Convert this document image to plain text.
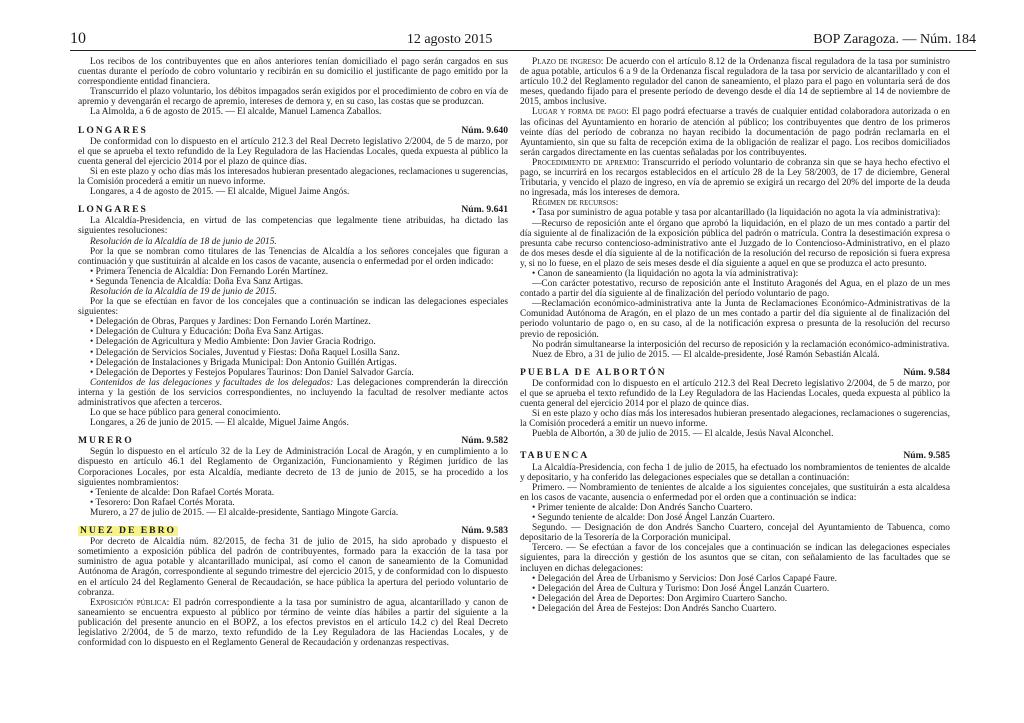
10	12 agosto 2015	BOP Zaragoza. — Núm. 184

Los recibos de los contribuyentes que en años anteriores tenían domiciliado el pago serán cargados en sus cuentas durante el período de cobro voluntario y recibirán en su domicilio el justificante de pago emitido por la correspondiente entidad financiera.

Transcurrido el plazo voluntario, los débitos impagados serán exigidos por el procedimiento de cobro en vía de apremio y devengarán el recargo de apremio, intereses de demora y, en su caso, las costas que se produzcan.

La Almolda, a 6 de agosto de 2015. — El alcalde, Manuel Lamenca Zaballos.

LONGARES	Núm. 9.640

De conformidad con lo dispuesto en el artículo 212.3 del Real Decreto legislativo 2/2004, de 5 de marzo, por el que se aprueba el texto refundido de la Ley Reguladora de las Haciendas Locales, queda expuesta al público la cuenta general del ejercicio 2014 por el plazo de quince días.

Si en este plazo y ocho días más los interesados hubieran presentado alegaciones, reclamaciones u sugerencias, la Comisión procederá a emitir un nuevo informe.

Longares, a 4 de agosto de 2015. — El alcalde, Miguel Jaime Angós.

LONGARES	Núm. 9.641

La Alcaldía-Presidencia, en virtud de las competencias que legalmente tiene atribuidas, ha dictado las siguientes resoluciones:

Resolución de la Alcaldía de 18 de junio de 2015.

Por la que se nombran como titulares de las Tenencias de Alcaldía a los señores concejales que figuran a continuación y que sustituirán al alcalde en los casos de vacante, ausencia o enfermedad por el orden indicado:

• Primera Tenencia de Alcaldía: Don Fernando Lorén Martínez.

• Segunda Tenencia de Alcaldía: Doña Eva Sanz Artigas.

Resolución de la Alcaldía de 19 de junio de 2015.

Por la que se efectúan en favor de los concejales que a continuación se indican las delegaciones especiales siguientes:

• Delegación de Obras, Parques y Jardines: Don Fernando Lorén Martínez.

• Delegación de Cultura y Educación: Doña Eva Sanz Artigas.

• Delegación de Agricultura y Medio Ambiente: Don Javier Gracia Rodrigo.

• Delegación de Servicios Sociales, Juventud y Fiestas: Doña Raquel Losilla Sanz.

• Delegación de Instalaciones y Brigada Municipal: Don Antonio Guillén Artigas.

• Delegación de Deportes y Festejos Populares Taurinos: Don Daniel Salvador García.

Contenidos de las delegaciones y facultades de los delegados: Las delegaciones comprenderán la dirección interna y la gestión de los servicios correspondientes, no incluyendo la facultad de resolver mediante actos administrativos que afecten a terceros.

Lo que se hace público para general conocimiento.

Longares, a 26 de junio de 2015. — El alcalde, Miguel Jaime Angós.

MURERO	Núm. 9.582

Según lo dispuesto en el artículo 32 de la Ley de Administración Local de Aragón, y en cumplimiento a lo dispuesto en artículo 46.1 del Reglamento de Organización, Funcionamiento y Régimen jurídico de las Corporaciones Locales, por esta Alcaldía, mediante decreto de 13 de junio de 2015, se ha procedido a los siguientes nombramientos:

• Teniente de alcalde: Don Rafael Cortés Morata.

• Tesorero: Don Rafael Cortés Morata.

Murero, a 27 de julio de 2015. — El alcalde-presidente, Santiago Mingote García.

NUEZ DE EBRO	Núm. 9.583

Por decreto de Alcaldía núm. 82/2015, de fecha 31 de julio de 2015, ha sido aprobado y dispuesto el sometimiento a exposición pública del padrón de contribuyentes, formado para la exacción de la tasa por suministro de agua potable y alcantarillado municipal, así como el canon de saneamiento de la Comunidad Autónoma de Aragón, correspondiente al segundo trimestre del ejercicio 2015, y de conformidad con lo dispuesto en el artículo 24 del Reglamento General de Recaudación, se hace pública la apertura del periodo voluntario de cobranza.

Exposición pública: El padrón correspondiente a la tasa por suministro de agua, alcantarillado y canon de saneamiento se encuentra expuesto al público por término de veinte días hábiles a partir del siguiente a la publicación del presente anuncio en el BOPZ, a los efectos previstos en el artículo 14.2 c) del Real Decreto legislativo 2/2004, de 5 de marzo, texto refundido de la Ley Reguladora de las Haciendas Locales, y de conformidad con lo dispuesto en el Reglamento General de Recaudación y ordenanzas respectivas.

Plazo de ingreso: De acuerdo con el artículo 8.12 de la Ordenanza fiscal reguladora de la tasa por suministro de agua potable, artículos 6 a 9 de la Ordenanza fiscal reguladora de la tasa por servicio de alcantarillado y con el artículo 10.2 del Reglamento regulador del canon de saneamiento, el plazo para el pago en voluntaria será de dos meses, quedando fijado para el presente período de devengo desde el día 14 de septiembre al 14 de noviembre de 2015, ambos inclusive.

Lugar y forma de pago: El pago podrá efectuarse a través de cualquier entidad colaboradora autorizada o en las oficinas del Ayuntamiento en horario de atención al público; los contribuyentes que dentro de los primeros veinte días del período de cobranza no hayan recibido la documentación de pago podrán reclamarla en el Ayuntamiento, sin que su falta de recepción exima de la obligación de realizar el pago. Los recibos domiciliados serán cargados directamente en las cuentas señaladas por los contribuyentes.

Procedimiento de apremio: Transcurrido el período voluntario de cobranza sin que se haya hecho efectivo el pago, se incurrirá en los recargos establecidos en el artículo 28 de la Ley 58/2003, de 17 de diciembre, General Tributaria, y vencido el plazo de ingreso, en vía de apremio se exigirá un recargo del 20% del importe de la deuda no ingresada, más los intereses de demora.

Régimen de recursos:

• Tasa por suministro de agua potable y tasa por alcantarillado (la liquidación no agota la vía administrativa):

—Recurso de reposición ante el órgano que aprobó la liquidación, en el plazo de un mes contado a partir del día siguiente al de finalización de la exposición pública del padrón o matrícula. Contra la desestimación expresa o presunta cabe recurso contencioso-administrativo ante el Juzgado de lo Contencioso-Administrativo, en el plazo de dos meses desde el día siguiente al de la notificación de la resolución del recurso de reposición si fuera expresa y, si no lo fuese, en el plazo de seis meses desde el día siguiente a aquel en que se produzca el acto presunto.

• Canon de saneamiento (la liquidación no agota la vía administrativa):

—Con carácter potestativo, recurso de reposición ante el Instituto Aragonés del Agua, en el plazo de un mes contado a partir del día siguiente al de finalización del período voluntario de pago.

—Reclamación económico-administrativa ante la Junta de Reclamaciones Económico-Administrativas de la Comunidad Autónoma de Aragón, en el plazo de un mes contado a partir del día siguiente al de finalización del periodo voluntario de pago o, en su caso, al de la notificación expresa o presunta de la resolución del recurso previo de reposición.

No podrán simultanearse la interposición del recurso de reposición y la reclamación económico-administrativa.

Nuez de Ebro, a 31 de julio de 2015. — El alcalde-presidente, José Ramón Sebastián Alcalá.

PUEBLA DE ALBORTÓN	Núm. 9.584

De conformidad con lo dispuesto en el artículo 212.3 del Real Decreto legislativo 2/2004, de 5 de marzo, por el que se aprueba el texto refundido de la Ley Reguladora de las Haciendas Locales, queda expuesta al público la cuenta general del ejercicio 2014 por el plazo de quince días.

Si en este plazo y ocho días más los interesados hubieran presentado alegaciones, reclamaciones o sugerencias, la Comisión procederá a emitir un nuevo informe.

Puebla de Albortón, a 30 de julio de 2015. — El alcalde, Jesús Naval Alconchel.

TABUENCA	Núm. 9.585

La Alcaldía-Presidencia, con fecha 1 de julio de 2015, ha efectuado los nombramientos de tenientes de alcalde y depositario, y ha conferido las delegaciones especiales que se detallan a continuación:

Primero. — Nombramiento de tenientes de alcalde a los siguientes concejales, que sustituirán a esta alcaldesa en los casos de vacante, ausencia o enfermedad por el orden que a continuación se indica:

• Primer teniente de alcalde: Don Andrés Sancho Cuartero.

• Segundo teniente de alcalde: Don José Ángel Lanzán Cuartero.

Segundo. — Designación de don Andrés Sancho Cuartero, concejal del Ayuntamiento de Tabuenca, como depositario de la Tesorería de la Corporación municipal.

Tercero. — Se efectúan a favor de los concejales que a continuación se indican las delegaciones especiales siguientes, para la dirección y gestión de los asuntos que se citan, con señalamiento de las facultades que se incluyen en dichas delegaciones:

• Delegación del Área de Urbanismo y Servicios: Don José Carlos Capapé Faure.

• Delegación del Área de Cultura y Turismo: Don José Ángel Lanzán Cuartero.

• Delegación del Área de Deportes: Don Argimiro Cuartero Sancho.

• Delegación del Área de Festejos: Don Andrés Sancho Cuartero.
